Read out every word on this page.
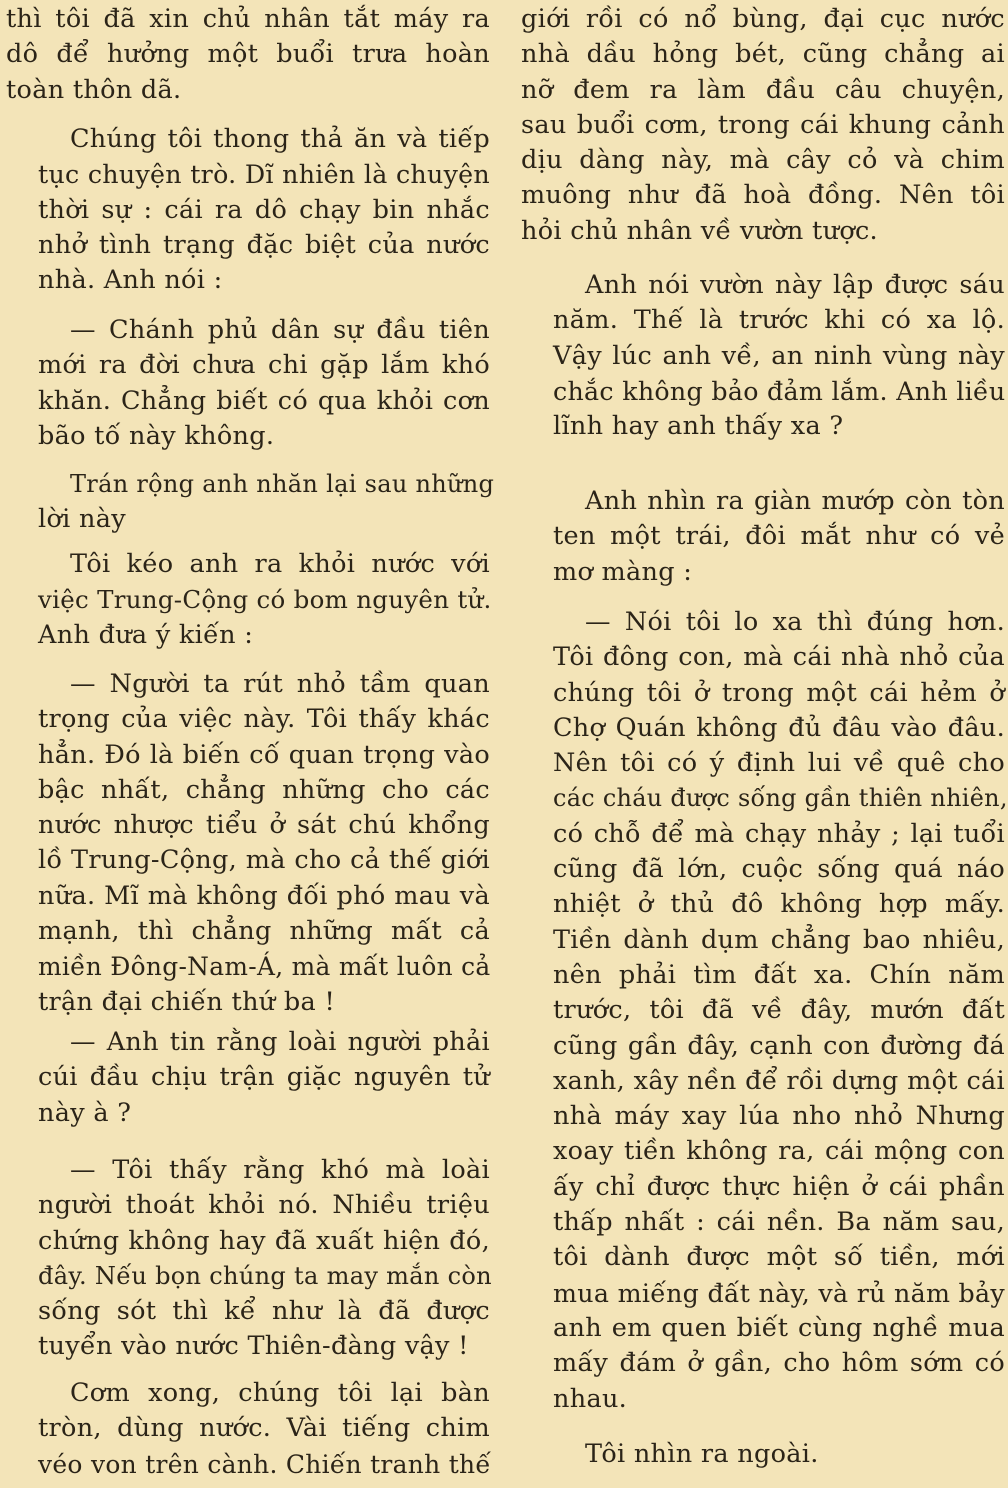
thì tôi đã xin chủ nhân tắt máy ra
dô để hưởng một buổi trưa hoàn
toàn thôn dã.
Chúng tôi thong thả ăn và tiếp
tục chuyện trò. Dĩ nhiên là chuyện
thời sự : cái ra dô chạy bin nhắc
nhở tình trạng đặc biệt của nước
nhà. Anh nói :
— Chánh phủ dân sự đầu tiên
mới ra đời chưa chi gặp lắm khó
khăn. Chẳng biết có qua khỏi cơn
bão tố này không.
Trán rộng anh nhăn lại sau những
lời này
Tôi kéo anh ra khỏi nước với
việc Trung-Cộng có bom nguyên tử.
Anh đưa ý kiến :
— Người ta rút nhỏ tầm quan
trọng của việc này. Tôi thấy khác
hẳn. Đó là biến cố quan trọng vào
bậc nhất, chẳng những cho các
nước nhược tiểu ở sát chú khổng
lồ Trung-Cộng, mà cho cả thế giới
nữa. Mĩ mà không đối phó mau và
mạnh, thì chẳng những mất cả
miền Đông-Nam-Á, mà mất luôn cả
trận đại chiến thứ ba !
— Anh tin rằng loài người phải
cúi đầu chịu trận giặc nguyên tử
này à ?
— Tôi thấy rằng khó mà loài
người thoát khỏi nó. Nhiều triệu
chứng không hay đã xuất hiện đó,
đây. Nếu bọn chúng ta may mắn còn
sống sót thì kể như là đã được
tuyển vào nước Thiên-đàng vậy !
Cơm xong, chúng tôi lại bàn
tròn, dùng nước. Vài tiếng chim
véo von trên cành. Chiến tranh thế
giới rồi có nổ bùng, đại cục nước
nhà dầu hỏng bét, cũng chẳng ai
nỡ đem ra làm đầu câu chuyện,
sau buổi cơm, trong cái khung cảnh
dịu dàng này, mà cây cỏ và chim
muông như đã hoà đồng. Nên tôi
hỏi chủ nhân về vườn tược.
Anh nói vườn này lập được sáu
năm. Thế là trước khi có xa lộ.
Vậy lúc anh về, an ninh vùng này
chắc không bảo đảm lắm. Anh liều
lĩnh hay anh thấy xa ?
Anh nhìn ra giàn mướp còn tòn
ten một trái, đôi mắt như có vẻ
mơ màng :
— Nói tôi lo xa thì đúng hơn.
Tôi đông con, mà cái nhà nhỏ của
chúng tôi ở trong một cái hẻm ở
Chợ Quán không đủ đâu vào đâu.
Nên tôi có ý định lui về quê cho
các cháu được sống gần thiên nhiên,
có chỗ để mà chạy nhảy ; lại tuổi
cũng đã lớn, cuộc sống quá náo
nhiệt ở thủ đô không hợp mấy.
Tiền dành dụm chẳng bao nhiêu,
nên phải tìm đất xa. Chín năm
trước, tôi đã về đây, mướn đất
cũng gần đây, cạnh con đường đá
xanh, xây nền để rồi dựng một cái
nhà máy xay lúa nho nhỏ Nhưng
xoay tiền không ra, cái mộng con
ấy chỉ được thực hiện ở cái phần
thấp nhất : cái nền. Ba năm sau,
tôi dành được một số tiền, mới
mua miếng đất này, và rủ năm bảy
anh em quen biết cùng nghề mua
mấy đám ở gần, cho hôm sớm có
nhau.
Tôi nhìn ra ngoài.
